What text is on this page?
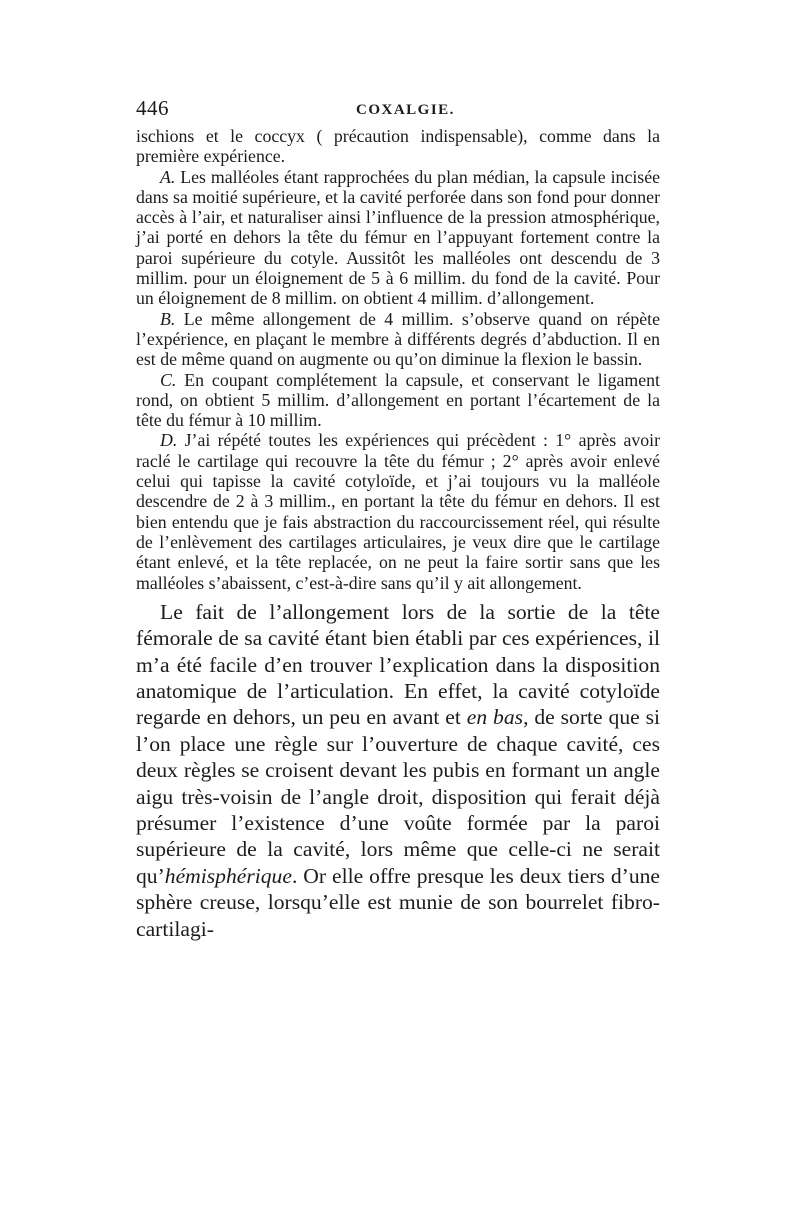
446	COXALGIE.

ischions et le coccyx ( précaution indispensable), comme dans la première expérience.

A. Les malléoles étant rapprochées du plan médian, la capsule incisée dans sa moitié supérieure, et la cavité perforée dans son fond pour donner accès à l’air, et naturaliser ainsi l’influence de la pression atmosphérique, j’ai porté en dehors la tête du fémur en l’appuyant fortement contre la paroi supérieure du cotyle. Aussitôt les malléoles ont descendu de 3 millim. pour un éloignement de 5 à 6 millim. du fond de la cavité. Pour un éloignement de 8 millim. on obtient 4 millim. d’allongement.

B. Le même allongement de 4 millim. s’observe quand on répète l’expérience, en plaçant le membre à différents degrés d’abduction. Il en est de même quand on augmente ou qu’on diminue la flexion le bassin.

C. En coupant complétement la capsule, et conservant le ligament rond, on obtient 5 millim. d’allongement en portant l’écartement de la tête du fémur à 10 millim.

D. J’ai répété toutes les expériences qui précèdent : 1° après avoir raclé le cartilage qui recouvre la tête du fémur ; 2° après avoir enlevé celui qui tapisse la cavité cotyloïde, et j’ai toujours vu la malléole descendre de 2 à 3 millim., en portant la tête du fémur en dehors. Il est bien entendu que je fais abstraction du raccourcissement réel, qui résulte de l’enlèvement des cartilages articulaires, je veux dire que le cartilage étant enlevé, et la tête replacée, on ne peut la faire sortir sans que les malléoles s’abaissent, c’est-à-dire sans qu’il y ait allongement.

Le fait de l’allongement lors de la sortie de la tête fémorale de sa cavité étant bien établi par ces expériences, il m’a été facile d’en trouver l’explication dans la disposition anatomique de l’articulation. En effet, la cavité cotyloïde regarde en dehors, un peu en avant et en bas, de sorte que si l’on place une règle sur l’ouverture de chaque cavité, ces deux règles se croisent devant les pubis en formant un angle aigu très-voisin de l’angle droit, disposition qui ferait déjà présumer l’existence d’une voûte formée par la paroi supérieure de la cavité, lors même que celle-ci ne serait qu’hémisphérique. Or elle offre presque les deux tiers d’une sphère creuse, lorsqu’elle est munie de son bourrelet fibro-cartilagi-
